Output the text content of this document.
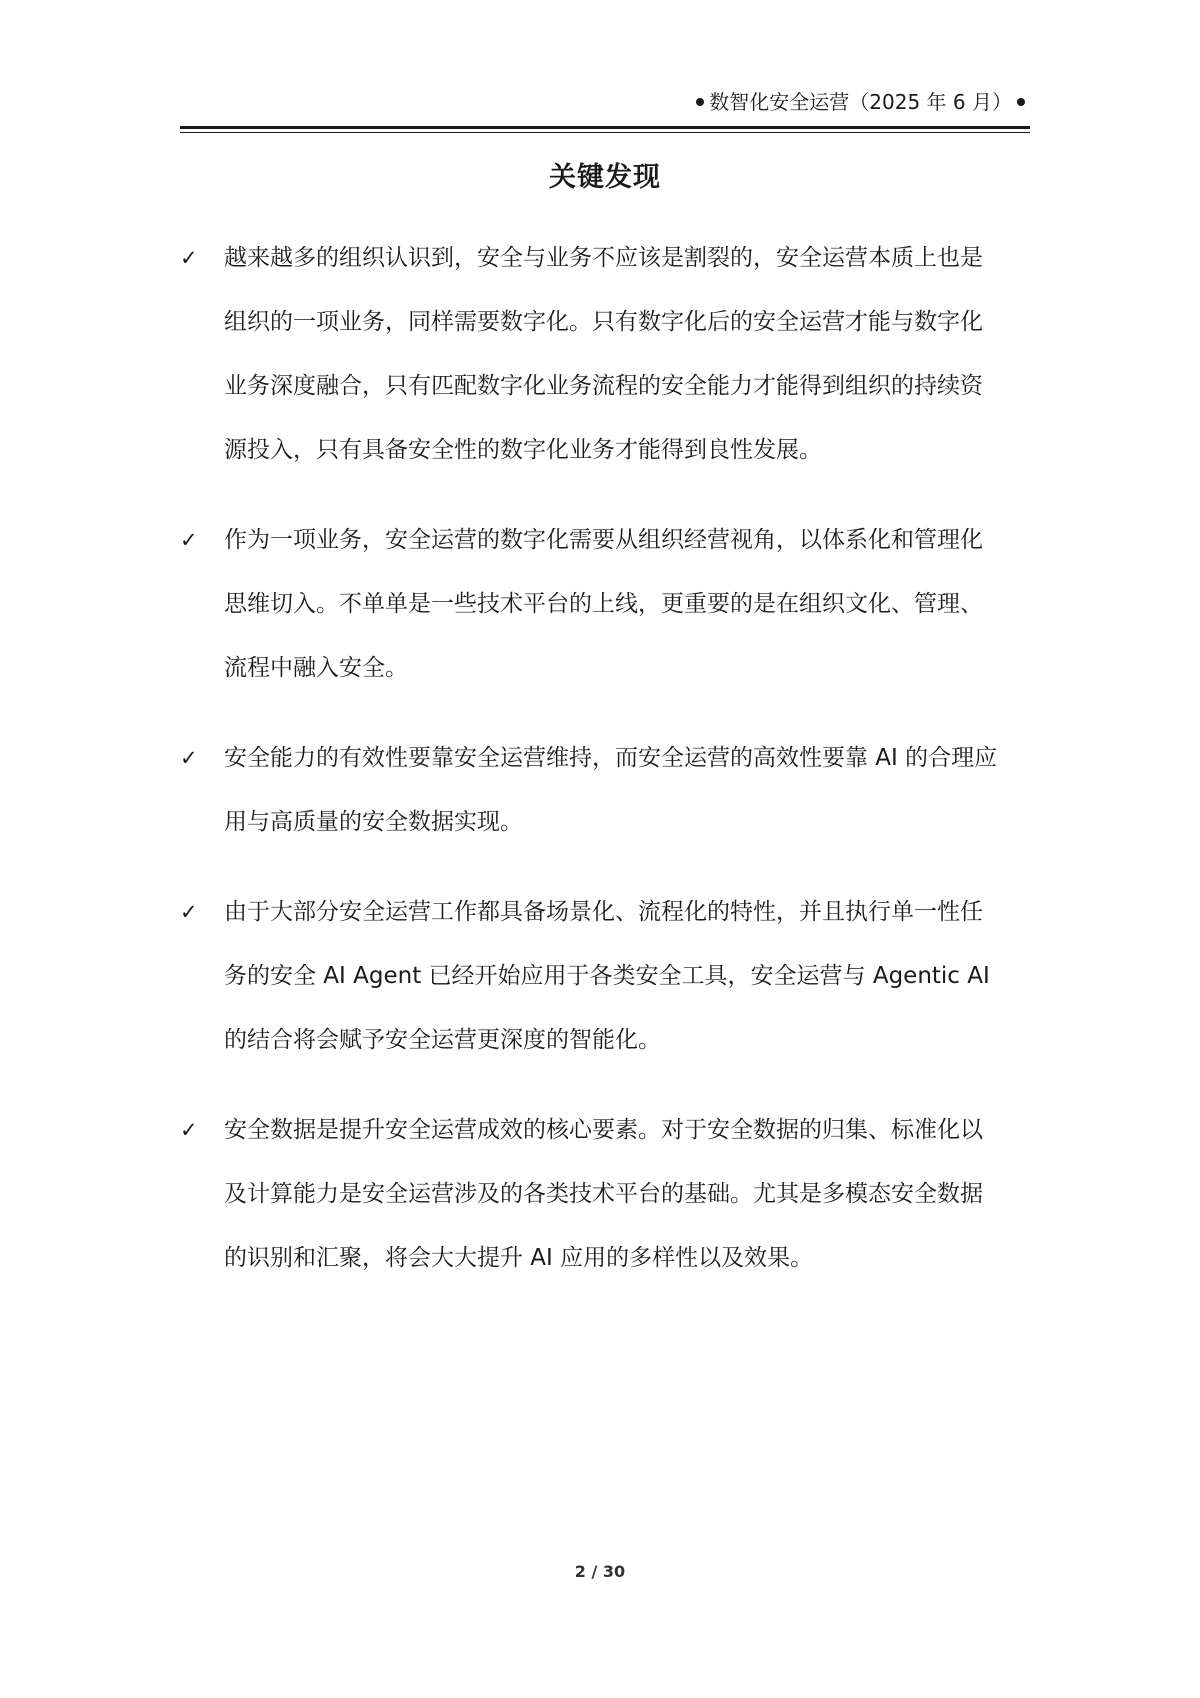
数智化安全运营（2025 年 6 月）
关键发现
✓ 越来越多的组织认识到，安全与业务不应该是割裂的，安全运营本质上也是组织的一项业务，同样需要数字化。只有数字化后的安全运营才能与数字化业务深度融合，只有匹配数字化业务流程的安全能力才能得到组织的持续资源投入，只有具备安全性的数字化业务才能得到良性发展。
✓ 作为一项业务，安全运营的数字化需要从组织经营视角，以体系化和管理化思维切入。不单单是一些技术平台的上线，更重要的是在组织文化、管理、流程中融入安全。
✓ 安全能力的有效性要靠安全运营维持，而安全运营的高效性要靠 AI 的合理应用与高质量的安全数据实现。
✓ 由于大部分安全运营工作都具备场景化、流程化的特性，并且执行单一性任务的安全 AI Agent 已经开始应用于各类安全工具，安全运营与 Agentic AI 的结合将会赋予安全运营更深度的智能化。
✓ 安全数据是提升安全运营成效的核心要素。对于安全数据的归集、标准化以及计算能力是安全运营涉及的各类技术平台的基础。尤其是多模态安全数据的识别和汇聚，将会大大提升 AI 应用的多样性以及效果。
2 / 30
